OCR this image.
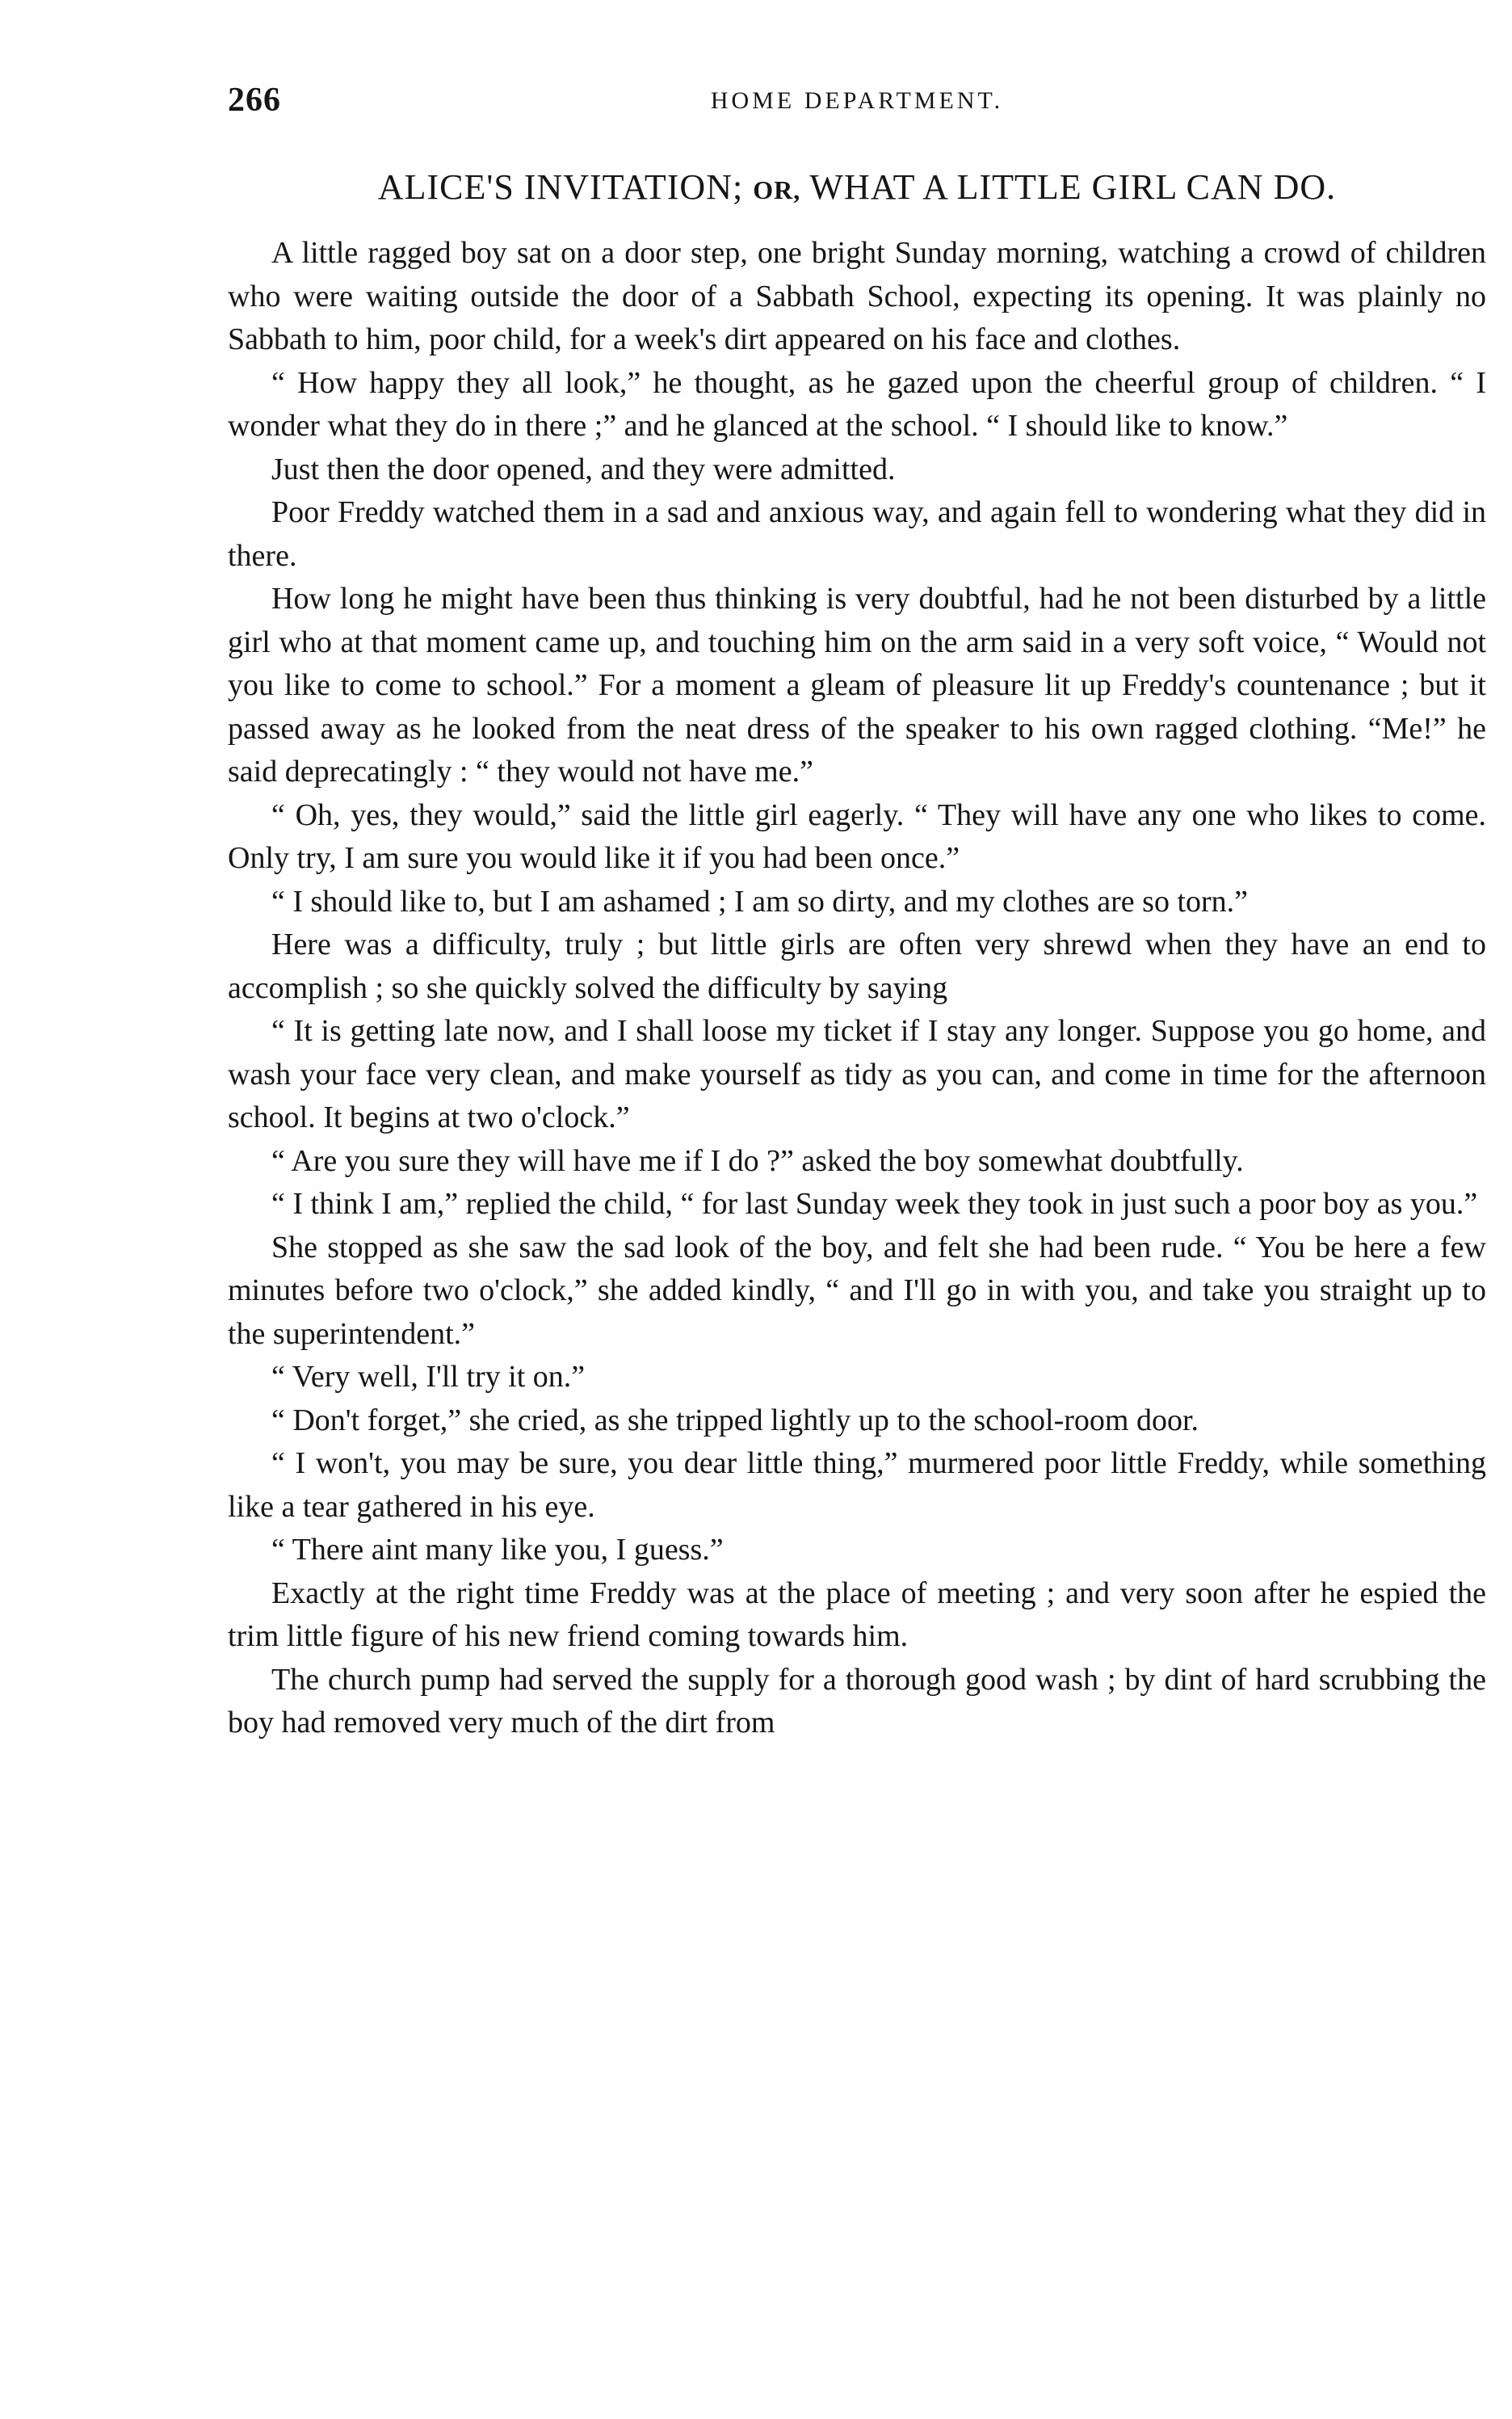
266	HOME DEPARTMENT.
ALICE'S INVITATION; OR, WHAT A LITTLE GIRL CAN DO.

A little ragged boy sat on a door step, one bright Sunday morning, watching a crowd of children who were waiting outside the door of a Sabbath School, expecting its opening. It was plainly no Sabbath to him, poor child, for a week's dirt appeared on his face and clothes.

“ How happy they all look,” he thought, as he gazed upon the cheerful group of children. “ I wonder what they do in there ;” and he glanced at the school. “ I should like to know.”

Just then the door opened, and they were admitted.

Poor Freddy watched them in a sad and anxious way, and again fell to wondering what they did in there.

How long he might have been thus thinking is very doubtful, had he not been disturbed by a little girl who at that moment came up, and touching him on the arm said in a very soft voice, “ Would not you like to come to school.” For a moment a gleam of pleasure lit up Freddy's countenance ; but it passed away as he looked from the neat dress of the speaker to his own ragged clothing. “Me!” he said deprecatingly : “ they would not have me.”

“ Oh, yes, they would,” said the little girl eagerly. “ They will have any one who likes to come. Only try, I am sure you would like it if you had been once.”

“ I should like to, but I am ashamed ; I am so dirty, and my clothes are so torn.”

Here was a difficulty, truly ; but little girls are often very shrewd when they have an end to accomplish ; so she quickly solved the difficulty by saying

“ It is getting late now, and I shall loose my ticket if I stay any longer. Suppose you go home, and wash your face very clean, and make yourself as tidy as you can, and come in time for the afternoon school. It begins at two o'clock.”

“ Are you sure they will have me if I do ?” asked the boy somewhat doubtfully.

“ I think I am,” replied the child, “ for last Sunday week they took in just such a poor boy as you.”

She stopped as she saw the sad look of the boy, and felt she had been rude. “ You be here a few minutes before two o'clock,” she added kindly, “ and I'll go in with you, and take you straight up to the superintendent.”

“ Very well, I'll try it on.”

“ Don't forget,” she cried, as she tripped lightly up to the school-room door.

“ I won't, you may be sure, you dear little thing,” murmered poor little Freddy, while something like a tear gathered in his eye.

“ There aint many like you, I guess.”

Exactly at the right time Freddy was at the place of meeting ; and very soon after he espied the trim little figure of his new friend coming towards him.

The church pump had served the supply for a thorough good wash ; by dint of hard scrubbing the boy had removed very much of the dirt from
